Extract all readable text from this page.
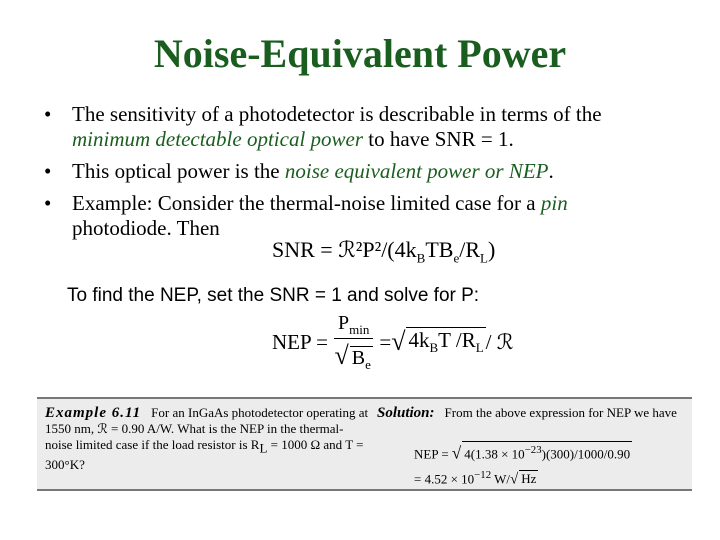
Noise-Equivalent Power
• The sensitivity of a photodetector is describable in terms of the
minimum detectable optical power to have SNR = 1.
• This optical power is the noise equivalent power or NEP.
• Example: Consider the thermal-noise limited case for a pin
photodiode. Then
SNR = ℛ²P²/$(4k_BTB_e/R_L)$
To find the NEP, set the SNR = 1 and solve for P:
NEP = $\frac{P_{min}}{√ B_e}$ = √ $4k_BT$ $/R_L$ / ℛ
Example 6.11 For an InGaAs photodetector operating at 1550 nm, ℛ = 0.90 A/W. What is the NEP in the thermal-noise limited case if the load resistor is $R_L = 1000$ Ω and T = 300°K?
Solution: From the above expression for NEP we have
NEP = √ $4(1.38 \times 10^{-23})(300)/1000/0.90$
= $4.52 \times 10^{-12}$ W/√ Hz
